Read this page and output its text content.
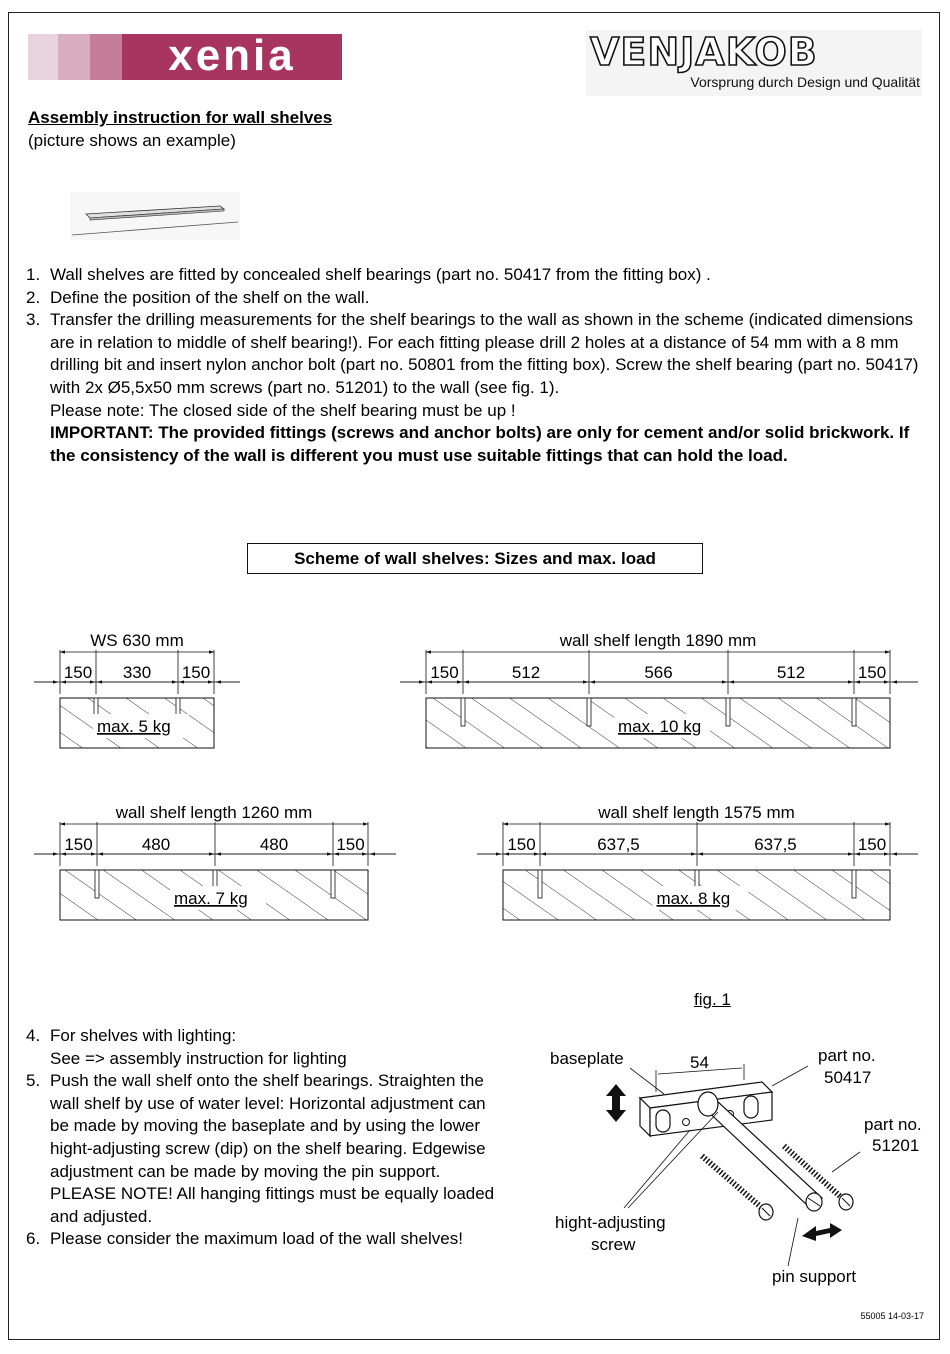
xenia	VENJAKOB
Vorsprung durch Design und Qualität
Assembly instruction for wall shelves
(picture shows an example)
1. Wall shelves are fitted by concealed shelf bearings (part no. 50417 from the fitting box) .

2. Define the position of the shelf on the wall.

3. Transfer the drilling measurements for the shelf bearings to the wall as shown in the scheme (indicated dimensions are in relation to middle of shelf bearing!). For each fitting please drill 2 holes at a distance of 54 mm with a 8 mm drilling bit and insert nylon anchor bolt (part no. 50801 from the fitting box). Screw the shelf bearing (part no. 50417) with 2x Ø5,5x50 mm screws (part no. 51201) to the wall (see fig. 1).

Please note: The closed side of the shelf bearing must be up !

IMPORTANT: The provided fittings (screws and anchor bolts) are only for cement and/or solid brickwork. If the consistency of the wall is different you must use suitable fittings that can hold the load.

Scheme of wall shelves: Sizes and max. load
WS 630 mm
150 330 150
max. 5 kg
wall shelf length 1890 mm
150	512	566	512	150
max. 10 kg
wall shelf length 1260 mm
150	480	480	150
max. 7 kg
wall shelf length 1575 mm
150	637,5	637,5	150
max. 8 kg
fig. 1
baseplate	54	part no.
50417
part no.
51201
hight-adjusting
screw
pin support
4. For shelves with lighting:

See => assembly instruction for lighting

5. Push the wall shelf onto the shelf bearings. Straighten the wall shelf by use of water level: Horizontal adjustment can be made by moving the baseplate and by using the lower hight-adjusting screw (dip) on the shelf bearing. Edgewise adjustment can be made by moving the pin support. PLEASE NOTE! All hanging fittings must be equally loaded and adjusted.

6. Please consider the maximum load of the wall shelves!

55005 14-03-17
